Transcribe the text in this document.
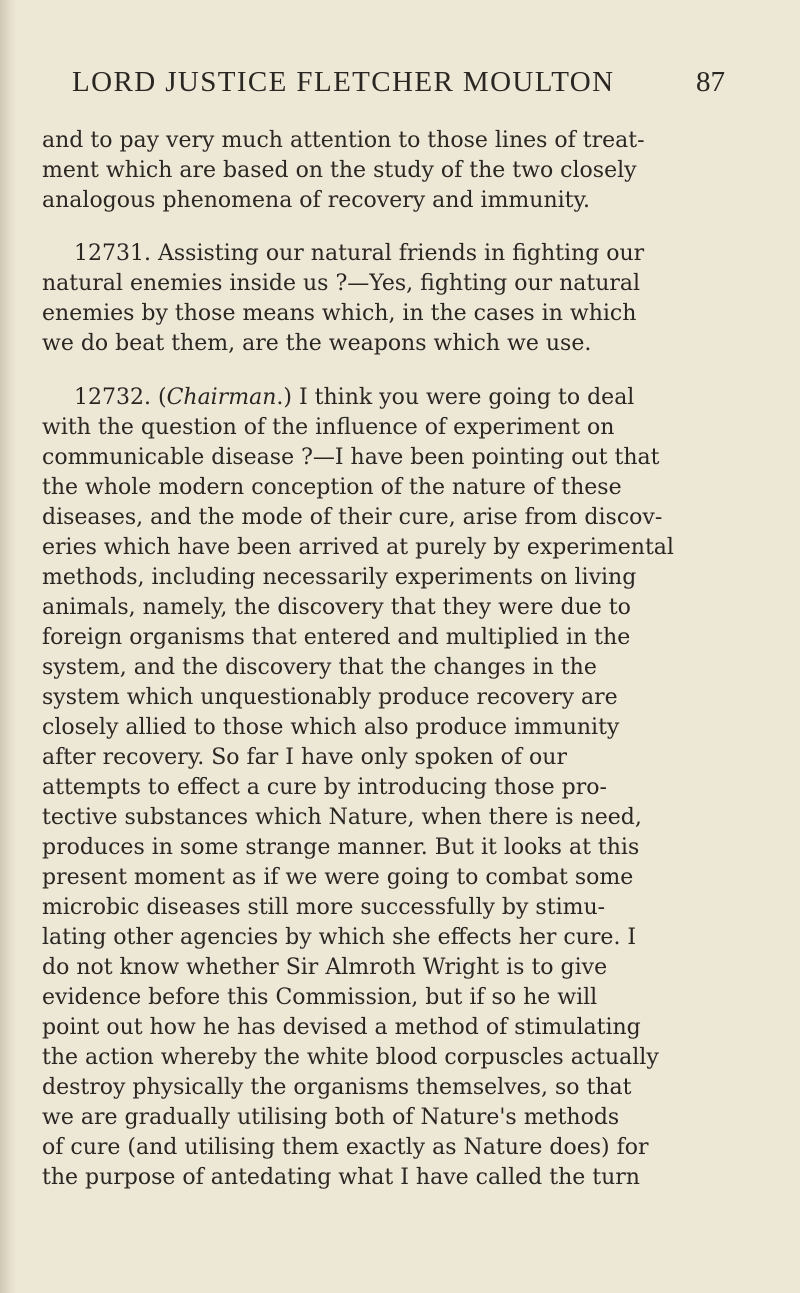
LORD JUSTICE FLETCHER MOULTON	87
and to pay very much attention to those lines of treat-
ment which are based on the study of the two closely
analogous phenomena of recovery and immunity.
12731. Assisting our natural friends in fighting our
natural enemies inside us ?—Yes, fighting our natural
enemies by those means which, in the cases in which
we do beat them, are the weapons which we use.
12732. (Chairman.) I think you were going to deal
with the question of the influence of experiment on
communicable disease ?—I have been pointing out that
the whole modern conception of the nature of these
diseases, and the mode of their cure, arise from discov-
eries which have been arrived at purely by experimental
methods, including necessarily experiments on living
animals, namely, the discovery that they were due to
foreign organisms that entered and multiplied in the
system, and the discovery that the changes in the
system which unquestionably produce recovery are
closely allied to those which also produce immunity
after recovery. So far I have only spoken of our
attempts to effect a cure by introducing those pro-
tective substances which Nature, when there is need,
produces in some strange manner. But it looks at this
present moment as if we were going to combat some
microbic diseases still more successfully by stimu-
lating other agencies by which she effects her cure. I
do not know whether Sir Almroth Wright is to give
evidence before this Commission, but if so he will
point out how he has devised a method of stimulating
the action whereby the white blood corpuscles actually
destroy physically the organisms themselves, so that
we are gradually utilising both of Nature's methods
of cure (and utilising them exactly as Nature does) for
the purpose of antedating what I have called the turn
